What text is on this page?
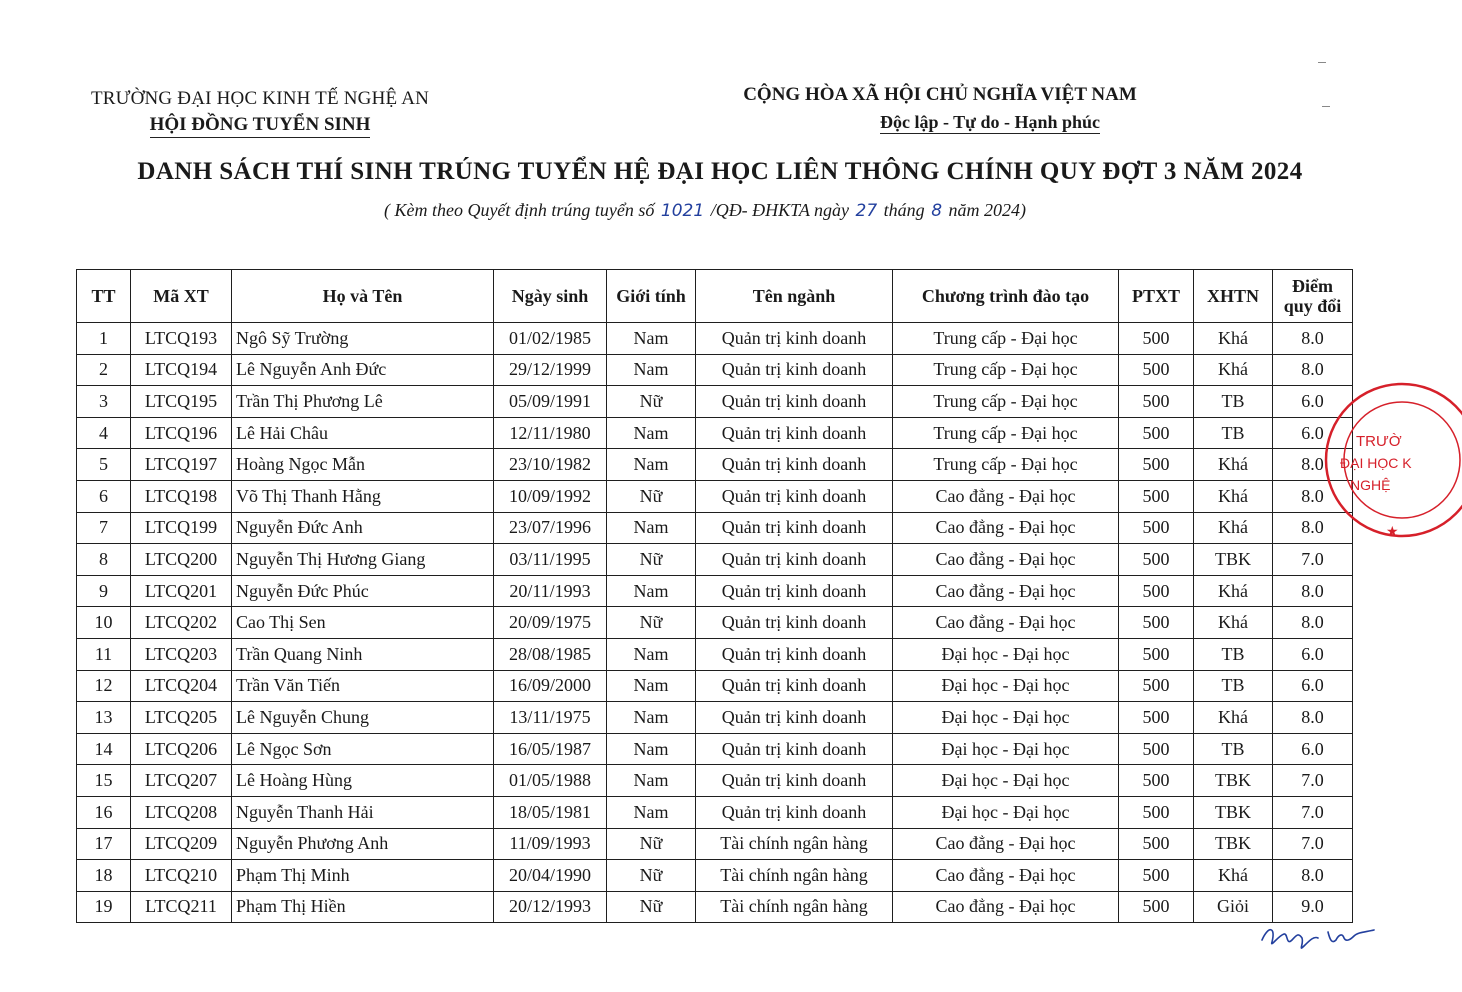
TRƯỜNG ĐẠI HỌC KINH TẾ NGHỆ AN
HỘI ĐỒNG TUYỂN SINH
CỘNG HÒA XÃ HỘI CHỦ NGHĨA VIỆT NAM
Độc lập - Tự do - Hạnh phúc
DANH SÁCH THÍ SINH TRÚNG TUYỂN HỆ ĐẠI HỌC LIÊN THÔNG CHÍNH QUY ĐỢT 3 NĂM 2024
( Kèm theo Quyết định trúng tuyển số 1021 /QĐ- ĐHKTA ngày 27 tháng 8 năm 2024)
TT	Mã XT	Họ và Tên	Ngày sinh	Giới tính	Tên ngành	Chương trình đào tạo	PTXT	XHTN	Điểm
quy đổi

1	LTCQ193	Ngô Sỹ Trường	01/02/1985	Nam	Quản trị kinh doanh	Trung cấp - Đại học	500	Khá	8.0
2	LTCQ194	Lê Nguyễn Anh Đức	29/12/1999	Nam	Quản trị kinh doanh	Trung cấp - Đại học	500	Khá	8.0
3	LTCQ195	Trần Thị Phương Lê	05/09/1991	Nữ	Quản trị kinh doanh	Trung cấp - Đại học	500	TB	6.0
4	LTCQ196	Lê Hải Châu	12/11/1980	Nam	Quản trị kinh doanh	Trung cấp - Đại học	500	TB	6.0
5	LTCQ197	Hoàng Ngọc Mẫn	23/10/1982	Nam	Quản trị kinh doanh	Trung cấp - Đại học	500	Khá	8.0
6	LTCQ198	Võ Thị Thanh Hằng	10/09/1992	Nữ	Quản trị kinh doanh	Cao đẳng - Đại học	500	Khá	8.0
7	LTCQ199	Nguyễn Đức Anh	23/07/1996	Nam	Quản trị kinh doanh	Cao đẳng - Đại học	500	Khá	8.0
8	LTCQ200	Nguyễn Thị Hương Giang	03/11/1995	Nữ	Quản trị kinh doanh	Cao đẳng - Đại học	500	TBK	7.0
9	LTCQ201	Nguyễn Đức Phúc	20/11/1993	Nam	Quản trị kinh doanh	Cao đẳng - Đại học	500	Khá	8.0
10	LTCQ202	Cao Thị Sen	20/09/1975	Nữ	Quản trị kinh doanh	Cao đẳng - Đại học	500	Khá	8.0
11	LTCQ203	Trần Quang Ninh	28/08/1985	Nam	Quản trị kinh doanh	Đại học - Đại học	500	TB	6.0
12	LTCQ204	Trần Văn Tiến	16/09/2000	Nam	Quản trị kinh doanh	Đại học - Đại học	500	TB	6.0
13	LTCQ205	Lê Nguyễn Chung	13/11/1975	Nam	Quản trị kinh doanh	Đại học - Đại học	500	Khá	8.0
14	LTCQ206	Lê Ngọc Sơn	16/05/1987	Nam	Quản trị kinh doanh	Đại học - Đại học	500	TB	6.0
15	LTCQ207	Lê Hoàng Hùng	01/05/1988	Nam	Quản trị kinh doanh	Đại học - Đại học	500	TBK	7.0
16	LTCQ208	Nguyễn Thanh Hải	18/05/1981	Nam	Quản trị kinh doanh	Đại học - Đại học	500	TBK	7.0
17	LTCQ209	Nguyễn Phương Anh	11/09/1993	Nữ	Tài chính ngân hàng	Cao đẳng - Đại học	500	TBK	7.0
18	LTCQ210	Phạm Thị Minh	20/04/1990	Nữ	Tài chính ngân hàng	Cao đẳng - Đại học	500	Khá	8.0
19	LTCQ211	Phạm Thị Hiền	20/12/1993	Nữ	Tài chính ngân hàng	Cao đẳng - Đại học	500	Giỏi	9.0
TRƯỜ
ĐẠI HỌC K
NGHỆ
★
